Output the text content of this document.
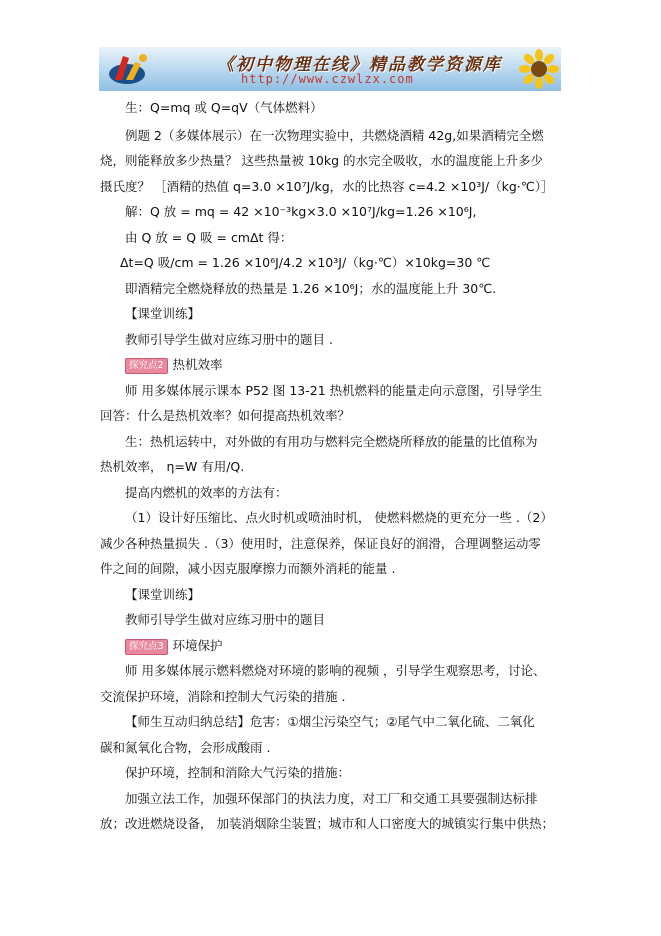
《初中物理在线》精品教学资源库
http://www.czwlzx.com

生：Q=mq 或 Q=qV（气体燃料）

例题 2（多媒体展示）在一次物理实验中，共燃烧酒精 42g,如果酒精完全燃

烧，则能释放多少热量？ 这些热量被 10kg 的水完全吸收，水的温度能上升多少

摄氏度？ ［酒精的热值 q=3.0 ×10⁷J/kg，水的比热容 c=4.2 ×10³J/（kg·℃）］

解：Q 放 = mq = 42 ×10⁻³kg×3.0 ×10⁷J/kg=1.26 ×10⁶J,

由 Q 放 = Q 吸 = cmΔt 得：

Δt=Q 吸/cm = 1.26 ×10⁶J/4.2 ×10³J/（kg·℃）×10kg=30 ℃

即酒精完全燃烧释放的热量是 1.26 ×10⁶J；水的温度能上升 30℃.

【课堂训练】

教师引导学生做对应练习册中的题目 .

探究点2 热机效率

师 用多媒体展示课本 P52 图 13-21 热机燃料的能量走向示意图，引导学生

回答：什么是热机效率？如何提高热机效率？

生：热机运转中，对外做的有用功与燃料完全燃烧所释放的能量的比值称为

热机效率， η=W 有用/Q.

提高内燃机的效率的方法有：

（1）设计好压缩比、点火时机或喷油时机， 使燃料燃烧的更充分一些 .（2）

减少各种热量损失 .（3）使用时，注意保养，保证良好的润滑，合理调整运动零

件之间的间隙，减小因克服摩擦力而额外消耗的能量 .

【课堂训练】

教师引导学生做对应练习册中的题目

探究点3 环境保护

师 用多媒体展示燃料燃烧对环境的影响的视频 ，引导学生观察思考，讨论、

交流保护环境，消除和控制大气污染的措施 .

【师生互动归纳总结】危害：①烟尘污染空气；②尾气中二氧化硫、二氧化

碳和氮氧化合物，会形成酸雨 .

保护环境，控制和消除大气污染的措施：

加强立法工作，加强环保部门的执法力度，对工厂和交通工具要强制达标排

放；改进燃烧设备， 加装消烟除尘装置；城市和人口密度大的城镇实行集中供热；
